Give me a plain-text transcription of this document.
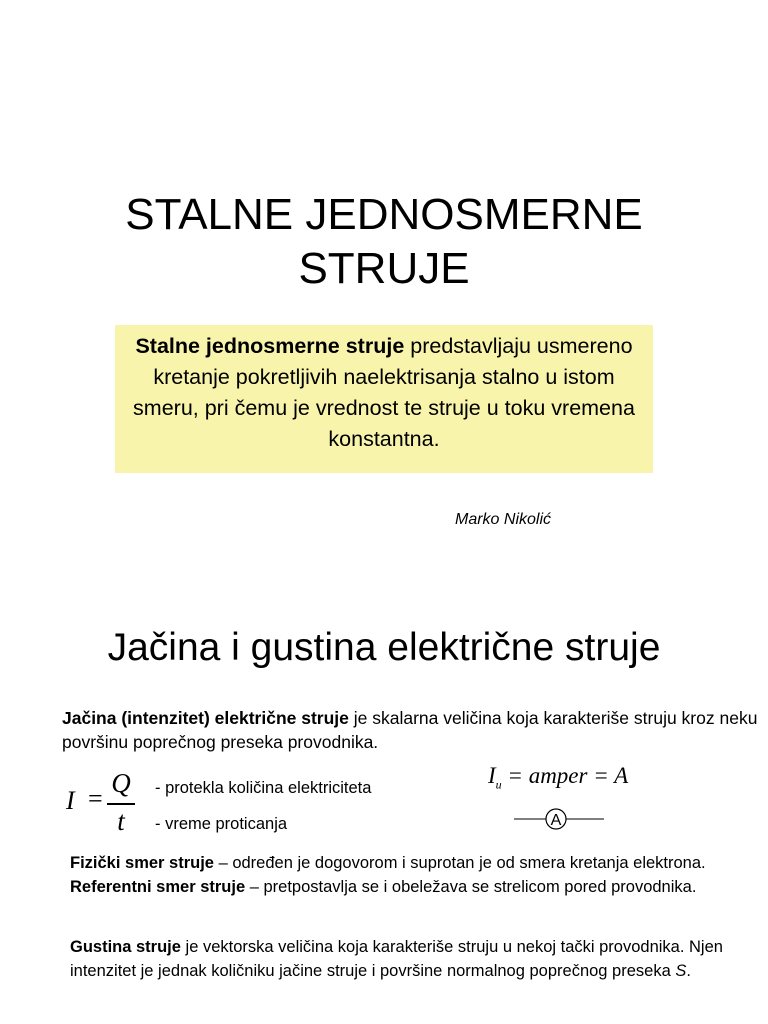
STALNE JEDNOSMERNE
STRUJE
Stalne jednosmerne struje predstavljaju usmereno kretanje pokretljivih naelektrisanja stalno u istom smeru, pri čemu je vrednost te struje u toku vremena konstantna.
Marko Nikolić
Jačina i gustina električne struje
Jačina (intenzitet) električne struje je skalarna veličina koja karakteriše struju kroz neku površinu poprečnog preseka provodnika.
I =
Q
t
- protekla količina elektriciteta
- vreme proticanja
$I_u$ = amper = A
A
Fizički smer struje – određen je dogovorom i suprotan je od smera kretanja elektrona. Referentni smer struje – pretpostavlja se i obeležava se strelicom pored provodnika.
Gustina struje je vektorska veličina koja karakteriše struju u nekoj tački provodnika. Njen intenzitet je jednak količniku jačine struje i površine normalnog poprečnog preseka S.
